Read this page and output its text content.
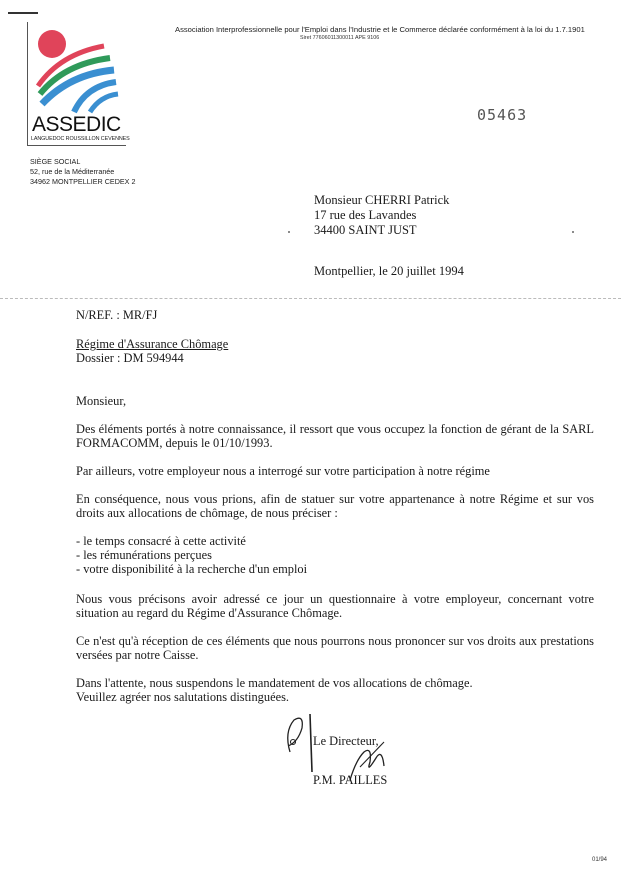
ASSEDIC
LANGUEDOC ROUSSILLON CEVENNES
Association Interprofessionnelle pour l'Emploi dans l'Industrie et le Commerce déclarée conformément à la loi du 1.7.1901
Siret 77606011300011 APE 9106
05463
SIÈGE SOCIAL
52, rue de la Méditerranée
34962 MONTPELLIER CEDEX 2
Monsieur CHERRI Patrick
17 rue des Lavandes
34400 SAINT JUST
Montpellier, le 20 juillet 1994
N/REF. : MR/FJ
Régime d'Assurance Chômage
Dossier : DM 594944
Monsieur,
Des éléments portés à notre connaissance, il ressort que vous occupez la fonction de gérant de la SARL FORMACOMM, depuis le 01/10/1993.
Par ailleurs, votre employeur nous a interrogé sur votre participation à notre régime
En conséquence, nous vous prions, afin de statuer sur votre appartenance à notre Régime et sur vos droits aux allocations de chômage, de nous préciser :
- le temps consacré à cette activité
- les rémunérations perçues
- votre disponibilité à la recherche d'un emploi
Nous vous précisons avoir adressé ce jour un questionnaire à votre employeur, concernant votre situation au regard du Régime d'Assurance Chômage.
Ce n'est qu'à réception de ces éléments que nous pourrons nous prononcer sur vos droits aux prestations versées par notre Caisse.
Dans l'attente, nous suspendons le mandatement de vos allocations de chômage.
Veuillez agréer nos salutations distinguées.
Le Directeur,
P.M. PAILLES
01/94
